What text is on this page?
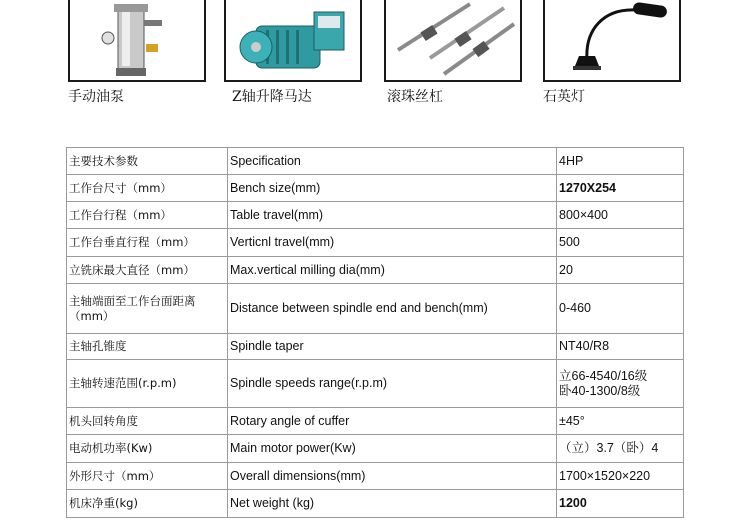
手动油泵	Z轴升降马达	滚珠丝杠	石英灯
主要技术参数	Specification	4HP
工作台尺寸（mm）	Bench size(mm)	1270X254
工作台行程（mm）	Table travel(mm)	800×400
工作台垂直行程（mm）	Verticnl travel(mm)	500
立铣床最大直径（mm）	Max.vertical milling dia(mm)	20

主轴端面至工作台面距离
（mm）	Distance between spindle end and bench(mm)	0-460
主轴孔锥度	Spindle taper	NT40/R8
主轴转速范围(r.p.m)	Spindle speeds range(r.p.m)	立66-4540/16级
卧40-1300/8级

机头回转角度	Rotary angle of cuffer	±45°
电动机功率(Kw)	Main motor power(Kw)	（立）3.7（卧）4
外形尺寸（mm）	Overall dimensions(mm)	1700×1520×220
机床净重(kg)	Net weight (kg)	1200
